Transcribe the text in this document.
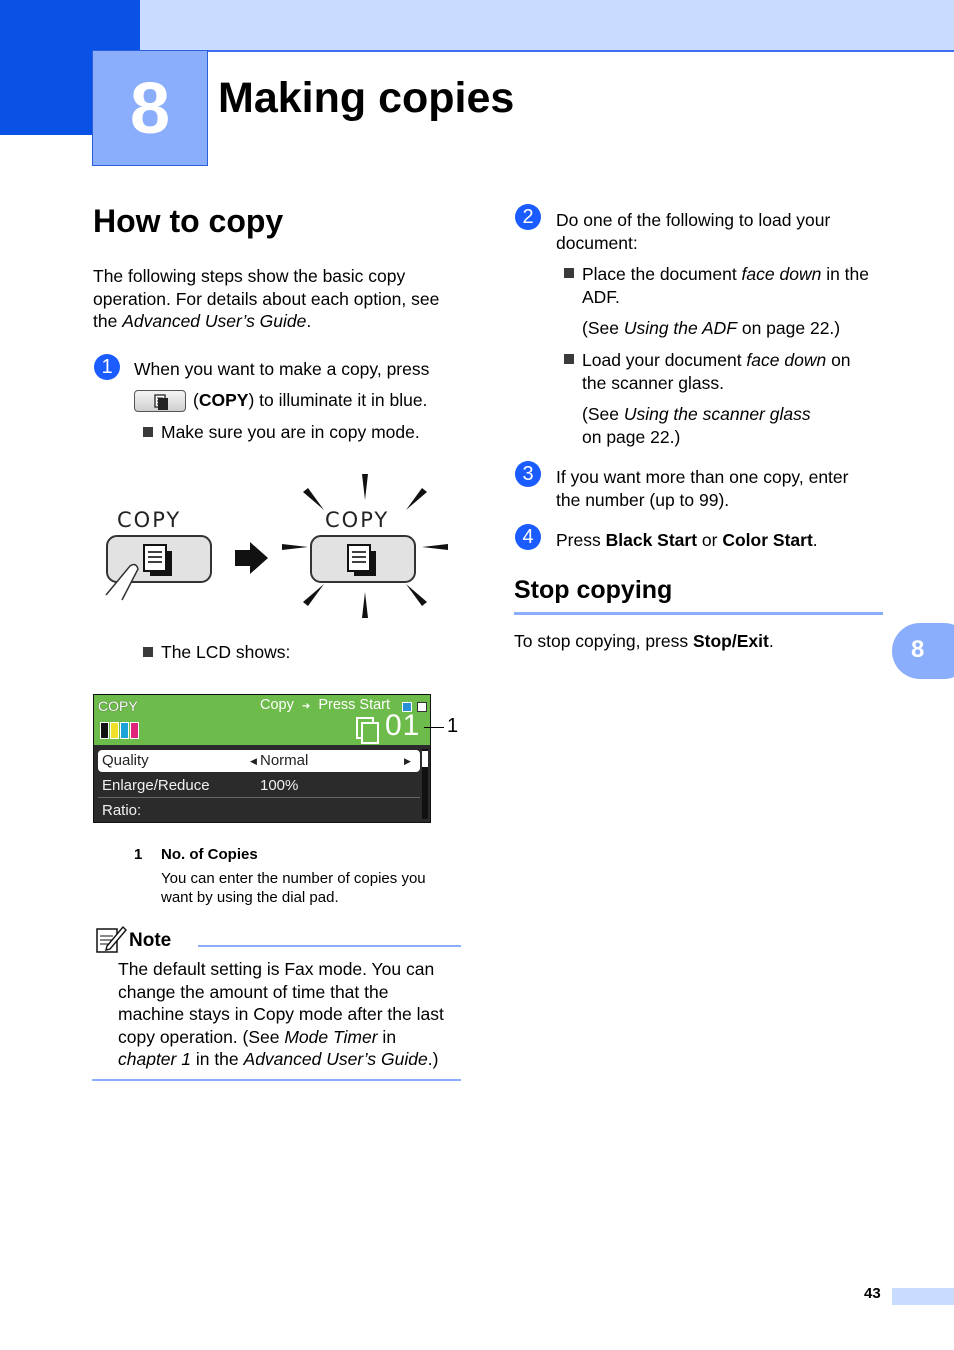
8	Making copies
8
How to copy
The following steps show the basic copy
operation. For details about each option, see
the Advanced User’s Guide.
1	When you want to make a copy, press
(COPY) to illuminate it in blue.
Make sure you are in copy mode.
COPY	COPY
The LCD shows:
COPY	Copy ➔ Press Start
01
Quality	◀ Normal	▶
Enlarge/Reduce	100%
Ratio:
1
1 No. of Copies
You can enter the number of copies you
want by using the dial pad.
Note
The default setting is Fax mode. You can
change the amount of time that the
machine stays in Copy mode after the last
copy operation. (See Mode Timer in
chapter 1 in the Advanced User’s Guide.)
2	Do one of the following to load your
document:
Place the document face down in the
ADF.
(See Using the ADF on page 22.)
Load your document face down on
the scanner glass.
(See Using the scanner glass
on page 22.)
3	If you want more than one copy, enter
the number (up to 99).
4	Press Black Start or Color Start.
Stop copying
To stop copying, press Stop/Exit.
43
